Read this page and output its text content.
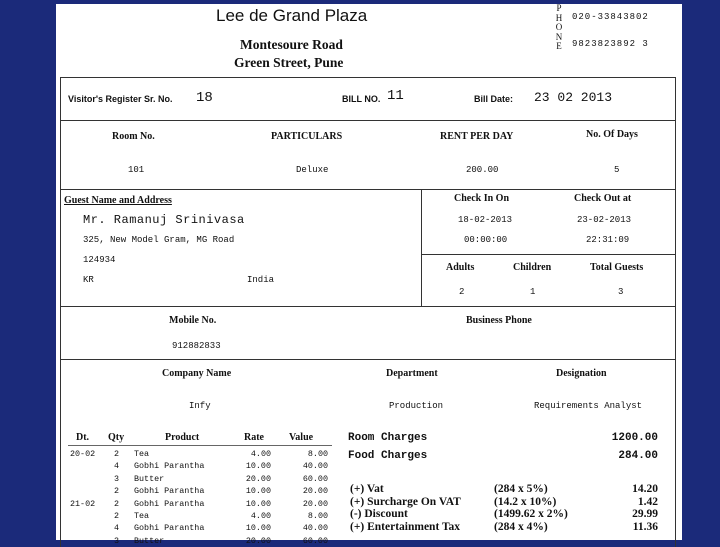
Lee de Grand Plaza
Montesoure Road
Green Street, Pune
P
H
O
N
E
020-33843802
9823823892 3
Visitor's Register Sr. No. 18	BILL NO. 11	Bill Date: 23 02 2013
Room No.	PARTICULARS	RENT PER DAY	No. Of Days
101	Deluxe	200.00	5
Guest Name and Address
Mr. Ramanuj Srinivasa
325, New Model Gram, MG Road
124934
KR	India
Check In On	Check Out at
18-02-2013	23-02-2013
00:00:00	22:31:09
Adults	Children	Total Guests
2	1	3
Mobile No.	Business Phone
912882833
Company Name	Department	Designation
Infy	Production	Requirements Analyst
Dt. Qty	Product	Rate	Value
20-02 2 Tea	4.00	8.00
4 Gobhi Parantha	10.00	40.00
3 Butter	20.00	60.00
2 Gobhi Parantha	10.00	20.00
21-02 2 Gobhi Parantha	10.00	20.00
2 Tea	4.00	8.00
4 Gobhi Parantha	10.00	40.00
3 Butter	20.00	60.00
Room Charges	1200.00
Food Charges	284.00
(+) Vat	(284 x 5%)	14.20
(+) Surcharge On VAT	(14.2 x 10%)	1.42
(-) Discount	(1499.62 x 2%)	29.99
(+) Entertainment Tax	(284 x 4%)	11.36
